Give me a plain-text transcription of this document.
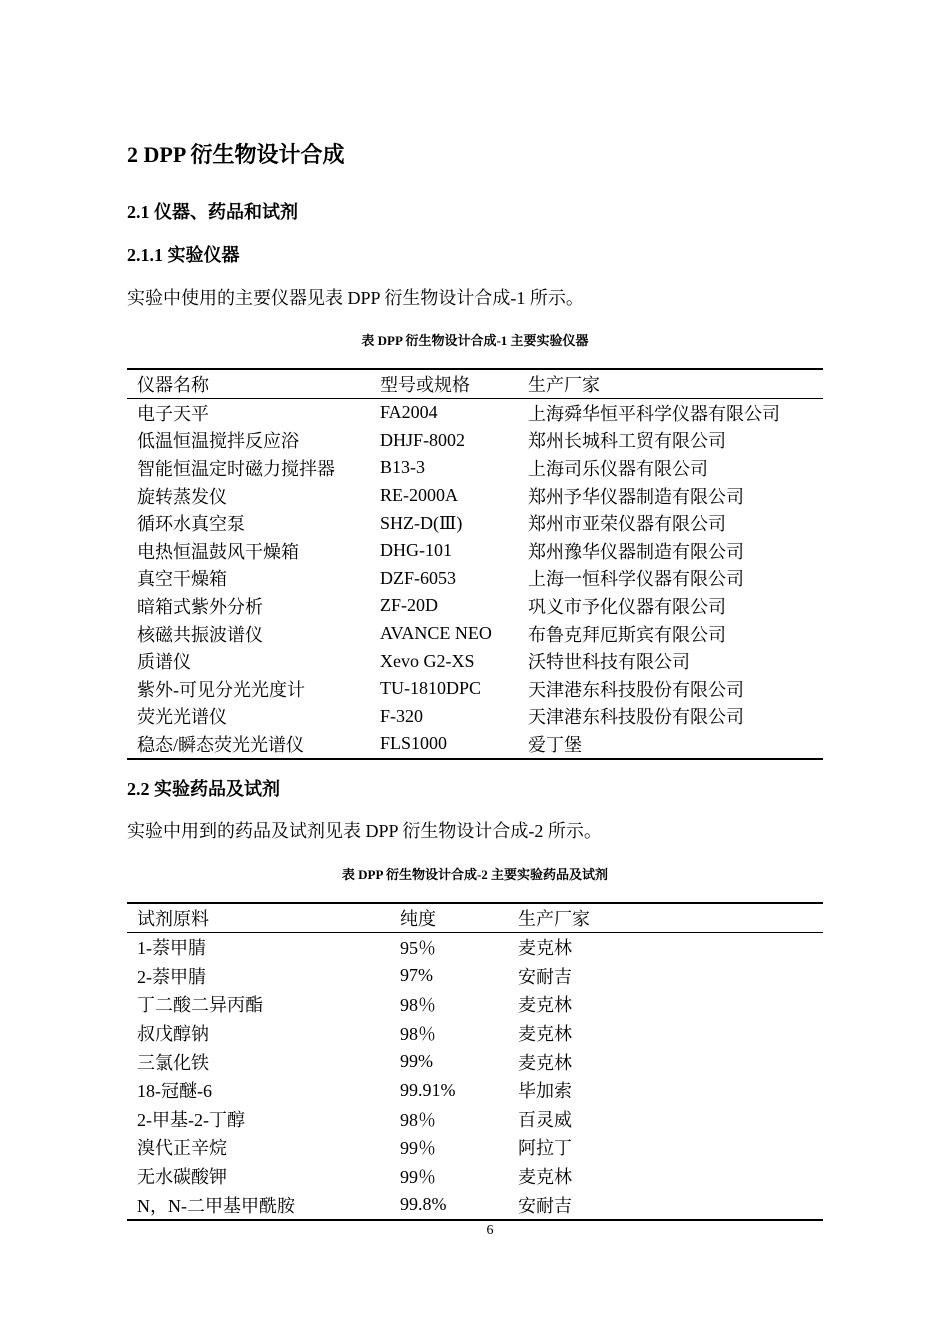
2 DPP 衍生物设计合成
2.1 仪器、药品和试剂
2.1.1 实验仪器
实验中使用的主要仪器见表 DPP 衍生物设计合成-1 所示。
表 DPP 衍生物设计合成-1 主要实验仪器
仪器名称	型号或规格	生产厂家
电子天平	FA2004	上海舜华恒平科学仪器有限公司
低温恒温搅拌反应浴	DHJF-8002	郑州长城科工贸有限公司
智能恒温定时磁力搅拌器	B13-3	上海司乐仪器有限公司
旋转蒸发仪	RE-2000A	郑州予华仪器制造有限公司
循环水真空泵	SHZ-D(Ⅲ)	郑州市亚荣仪器有限公司
电热恒温鼓风干燥箱	DHG-101	郑州豫华仪器制造有限公司
真空干燥箱	DZF-6053	上海一恒科学仪器有限公司
暗箱式紫外分析	ZF-20D	巩义市予化仪器有限公司
核磁共振波谱仪	AVANCE NEO	布鲁克拜厄斯宾有限公司
质谱仪	Xevo G2-XS	沃特世科技有限公司
紫外-可见分光光度计	TU-1810DPC	天津港东科技股份有限公司
荧光光谱仪	F-320	天津港东科技股份有限公司
稳态/瞬态荧光光谱仪	FLS1000	爱丁堡
2.2 实验药品及试剂
实验中用到的药品及试剂见表 DPP 衍生物设计合成-2 所示。
表 DPP 衍生物设计合成-2 主要实验药品及试剂
试剂原料	纯度	生产厂家
1-萘甲腈	95％	麦克林
2-萘甲腈	97%	安耐吉
丁二酸二异丙酯	98％	麦克林
叔戊醇钠	98％	麦克林
三氯化铁	99%	麦克林
18-冠醚-6	99.91%	毕加索
2-甲基-2-丁醇	98％	百灵威
溴代正辛烷	99％	阿拉丁
无水碳酸钾	99％	麦克林
N，N-二甲基甲酰胺	99.8%	安耐吉
6
